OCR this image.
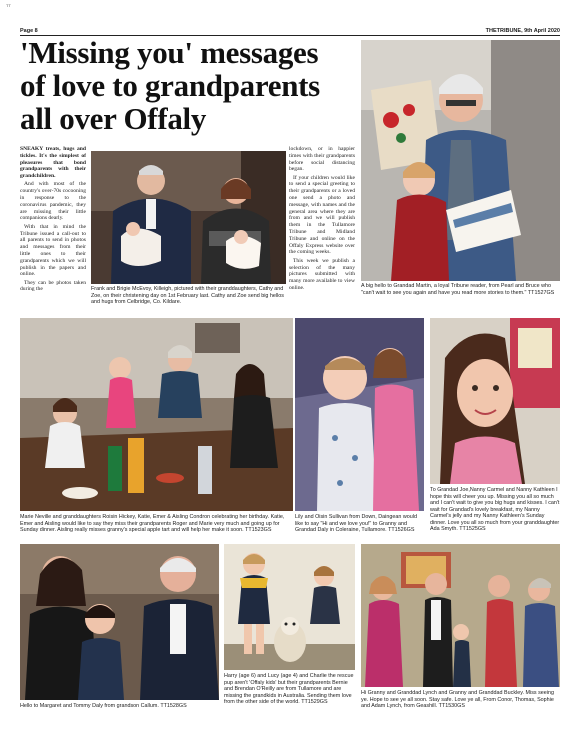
TT
Page 8	THETRIBUNE, 9th April 2020
'Missing you' messages
of love to grandparents
all over Offaly

SNEAKY treats, hugs and tickles. It's the simplest of pleasures that bond grandparents with their grandchildren.

And with most of the country's over-70s cocooning in response to the coronavirus pandemic, they are missing their little companions dearly.

With that in mind the Tribune issued a call-out to all parents to send in photos and messages from their little ones to their grandparents which we will publish in the papers and online.

They can be photos taken during the

lockdown, or in happier times with their grandparents before social distancing began.

If your children would like to send a special greeting to their grandparents or a loved one send a photo and message, with names and the general area where they are from and we will publish them in the Tullamore Tribune and Midland Tribune and online on the Offaly Express website over the coming weeks.

This week we publish a selection of the many pictures submitted with many more available to view online.

Frank and Brigie McEvoy, Killeigh, pictured with their granddaughters, Cathy and Zoe, on their christening day on 1st February last. Cathy and Zoe send big hellos and hugs from Celbridge, Co. Kildare.
A big hello to Grandad Martin, a loyal Tribune reader, from Pearl and Bruce who "can't wait to see you again and have you read more stories to them." TT1527GS
Marie Neville and granddaughters Roisin Hickey, Katie, Emer & Aisling Condron celebrating her birthday. Katie, Emer and Aisling would like to say they miss their grandparents Roger and Marie very much and going up for Sunday dinner. Aisling really misses granny's special apple tart and will help her make it soon. TT1523GS
Lily and Oisin Sullivan from Down, Daingean would like to say "Hi and we love you!" to Granny and Grandad Daly in Coleraine, Tullamore. TT1526GS
To Grandad Joe,Nanny Carmel and Nanny Kathleen I hope this will cheer you up. Missing you all so much and I can't wait to give you big hugs and kisses. I can't wait for Grandad's lovely breakfast, my Nanny Carmel's jelly and my Nanny Kathleen's Sunday dinner. Love you all so much from your granddaughter Ada Smyth. TT1525GS
Hello to Margaret and Tommy Daly from grandson Callum. TT1528GS
Harry (age 6) and Lucy (age 4) and Charlie the rescue pup aren't 'Offaly kids' but their grandparents Bernie and Brendan O'Reilly are from Tullamore and are missing the grandkids in Australia. Sending them love from the other side of the world. TT1529GS
Hi Granny and Granddad Lynch and Granny and Granddad Buckley. Miss seeing ye. Hope to see ye all soon. Stay safe. Love ye all, From Conor, Thomas, Sophie and Adam Lynch, from Geashill. TT1530GS
